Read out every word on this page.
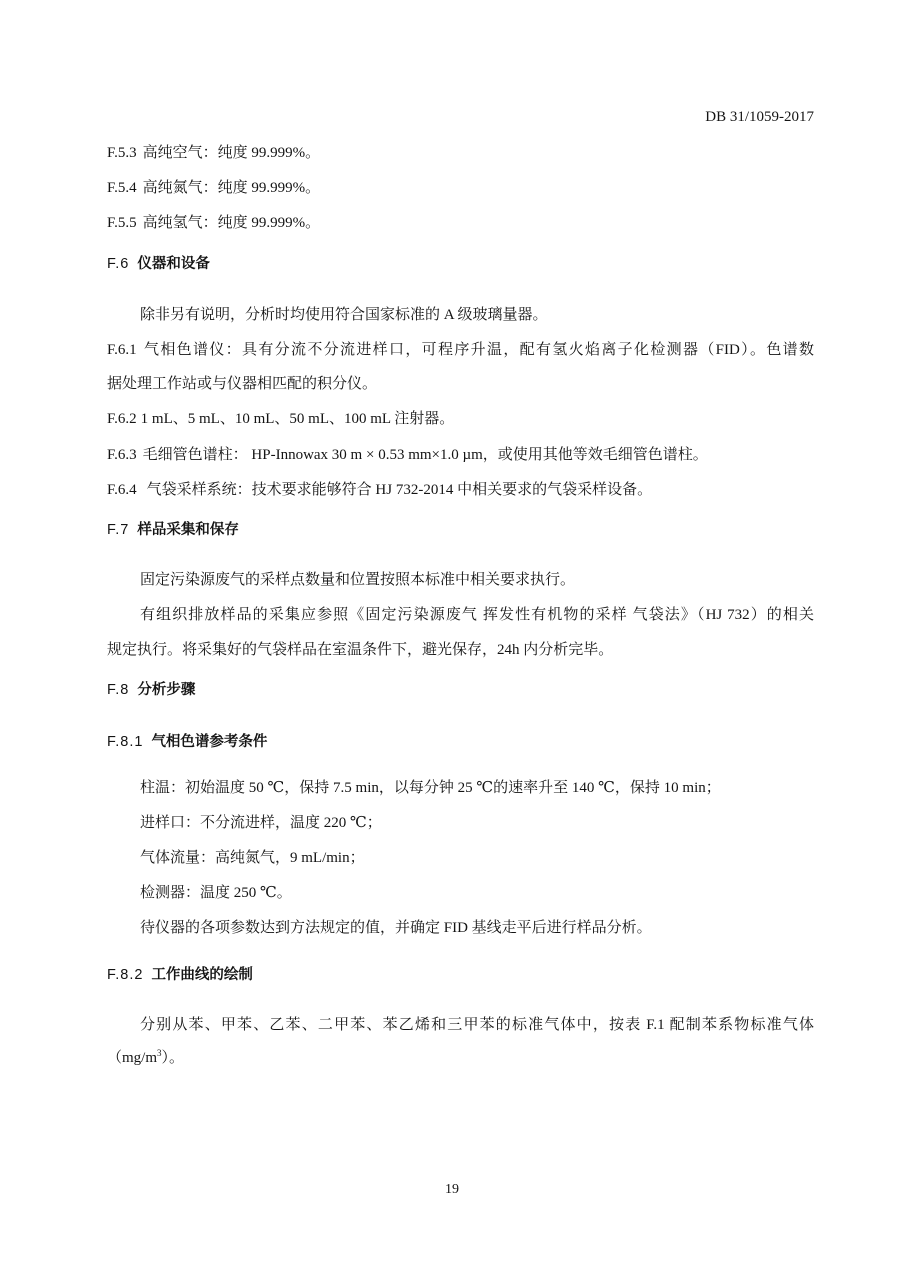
DB 31/1059-2017
F.5.3 高纯空气：纯度 99.999%。
F.5.4 高纯氮气：纯度 99.999%。
F.5.5 高纯氢气：纯度 99.999%。
F.6 仪器和设备
除非另有说明，分析时均使用符合国家标准的 A 级玻璃量器。
F.6.1 气相色谱仪：具有分流不分流进样口，可程序升温，配有氢火焰离子化检测器（FID）。色谱数
据处理工作站或与仪器相匹配的积分仪。
F.6.2 1 mL、5 mL、10 mL、50 mL、100 mL 注射器。
F.6.3 毛细管色谱柱： HP-Innowax 30 m × 0.53 mm×1.0 µm，或使用其他等效毛细管色谱柱。
F.6.4 气袋采样系统：技术要求能够符合 HJ 732-2014 中相关要求的气袋采样设备。
F.7 样品采集和保存
固定污染源废气的采样点数量和位置按照本标准中相关要求执行。
有组织排放样品的采集应参照《固定污染源废气 挥发性有机物的采样 气袋法》（HJ 732）的相关
规定执行。将采集好的气袋样品在室温条件下，避光保存，24h 内分析完毕。
F.8 分析步骤
F.8.1 气相色谱参考条件
柱温：初始温度 50 ℃，保持 7.5 min，以每分钟 25 ℃的速率升至 140 ℃，保持 10 min；
进样口：不分流进样，温度 220 ℃；
气体流量：高纯氮气，9 mL/min；
检测器：温度 250 ℃。
待仪器的各项参数达到方法规定的值，并确定 FID 基线走平后进行样品分析。
F.8.2 工作曲线的绘制
分别从苯、甲苯、乙苯、二甲苯、苯乙烯和三甲苯的标准气体中，按表 F.1 配制苯系物标准气体
$(mg/m^3)$。
19
